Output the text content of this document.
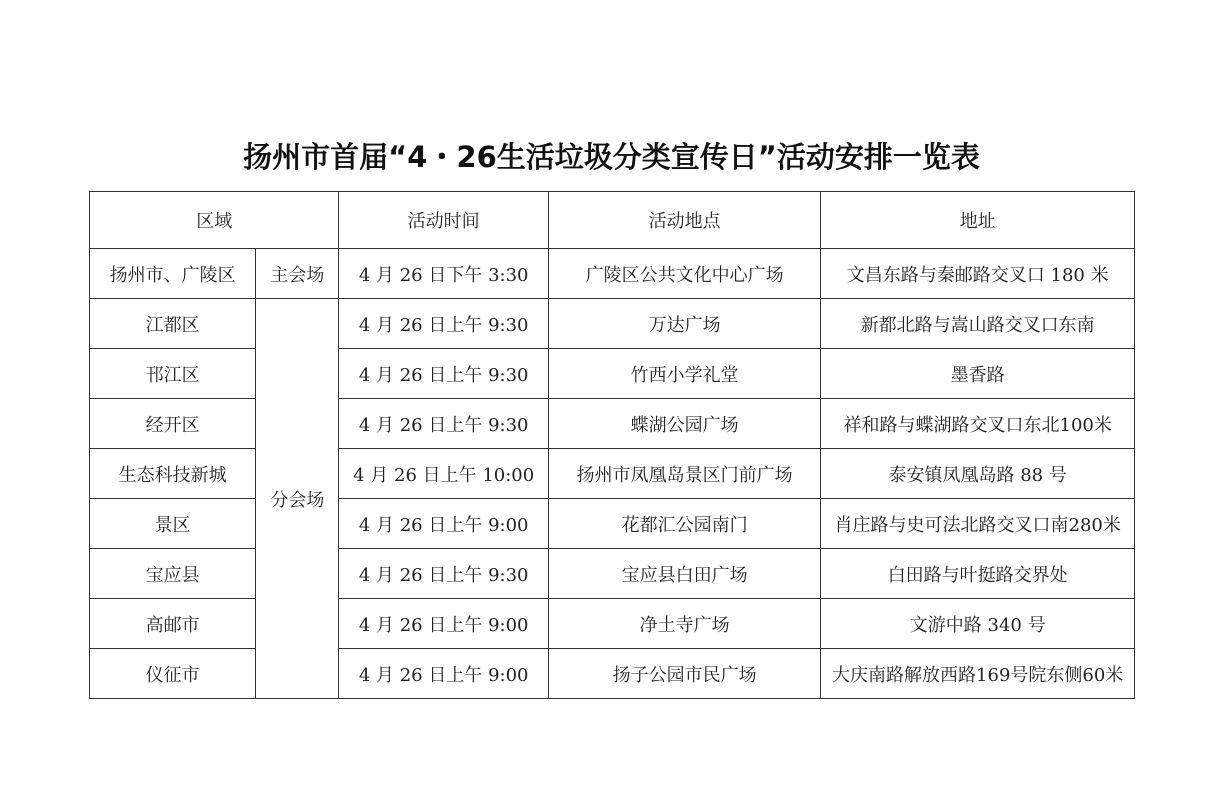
扬州市首届“4・26生活垃圾分类宣传日”活动安排一览表
区域		活动时间	活动地点	地址
扬州市、广陵区	主会场	4 月 26 日下午 3:30	广陵区公共文化中心广场	文昌东路与秦邮路交叉口 180 米
江都区	分会场	4 月 26 日上午 9:30	万达广场	新都北路与嵩山路交叉口东南
邗江区		4 月 26 日上午 9:30	竹西小学礼堂	墨香路
经开区		4 月 26 日上午 9:30	蝶湖公园广场	祥和路与蝶湖路交叉口东北100米
生态科技新城		4 月 26 日上午 10:00	扬州市凤凰岛景区门前广场	泰安镇凤凰岛路 88 号
景区		4 月 26 日上午 9:00	花都汇公园南门	肖庄路与史可法北路交叉口南280米
宝应县		4 月 26 日上午 9:30	宝应县白田广场	白田路与叶挺路交界处
高邮市		4 月 26 日上午 9:00	净土寺广场	文游中路 340 号
仪征市		4 月 26 日上午 9:00	扬子公园市民广场	大庆南路解放西路169号院东侧60米
